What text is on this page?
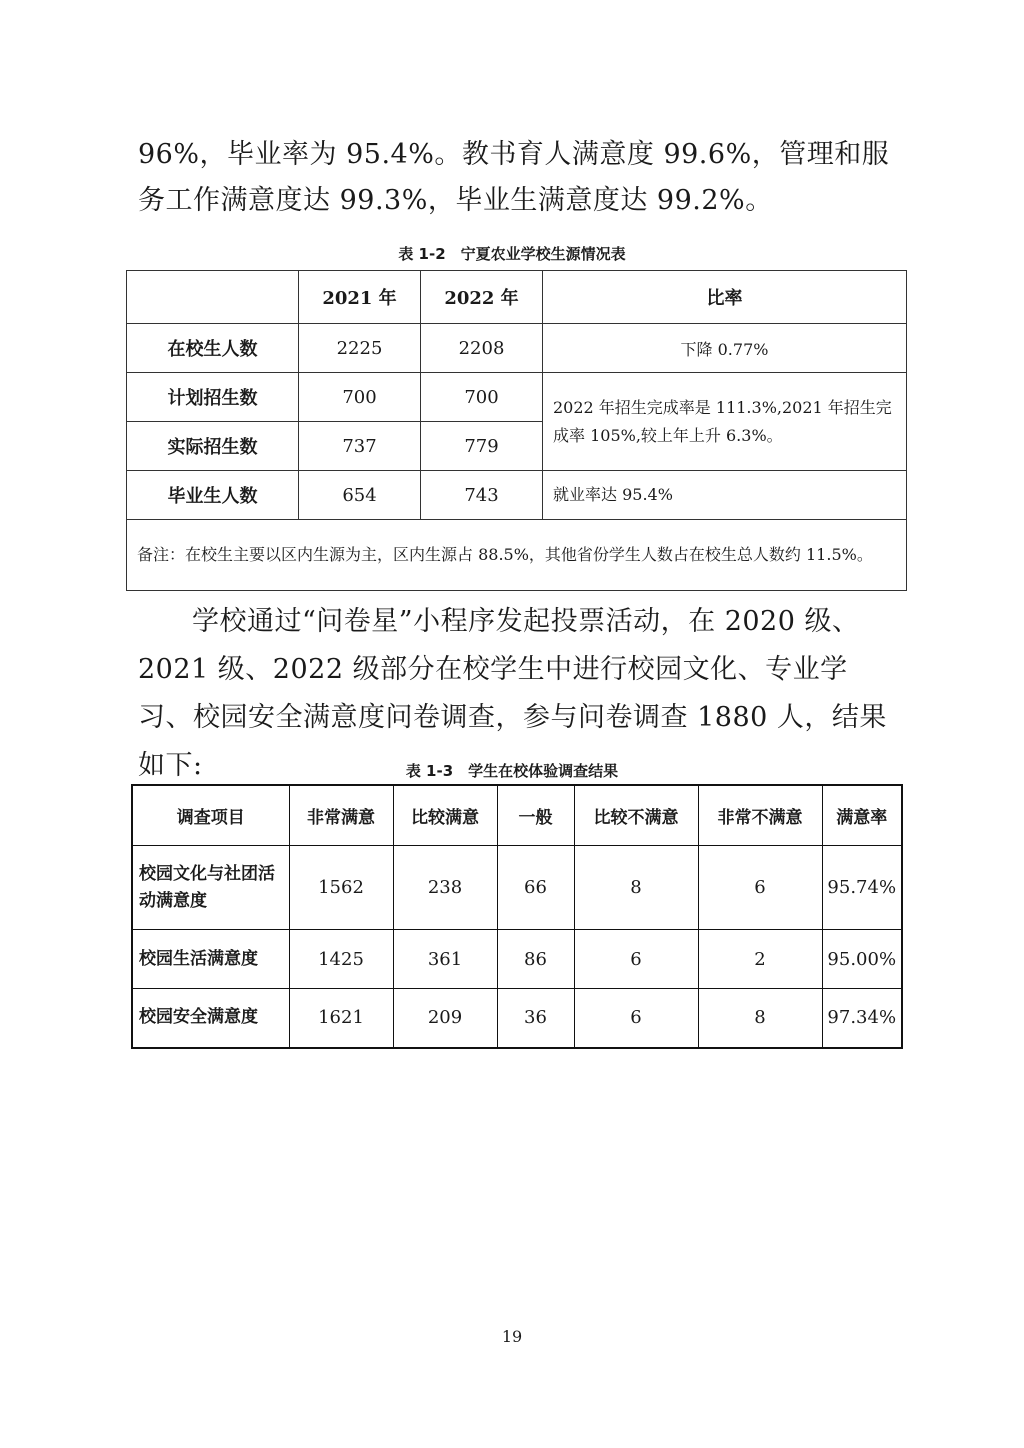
96%，毕业率为 95.4%。教书育人满意度 99.6%，管理和服务工作满意度达 99.3%，毕业生满意度达 99.2%。

表 1-2　宁夏农业学校生源情况表
	2021 年	2022 年	比率
在校生人数	2225	2208	下降 0.77%
计划招生数	700	700	2022 年招生完成率是 111.3%,2021 年招生完成率 105%,较上年上升 6.3%。
实际招生数	737	779	
毕业生人数	654	743	就业率达 95.4%
备注：在校生主要以区内生源为主，区内生源占 88.5%，其他省份学生人数占在校生总人数约 11.5%。			

学校通过“问卷星”小程序发起投票活动，在 2020 级、2021 级、2022 级部分在校学生中进行校园文化、专业学习、校园安全满意度问卷调查，参与问卷调查 1880 人，结果如下:	表 1-3　学生在校体验调查结果
调查项目	非常满意	比较满意	一般	比较不满意	非常不满意	满意率
校园文化与社团活动满意度	1562	238	66	8	6	95.74%
校园生活满意度	1425	361	86	6	2	95.00%
校园安全满意度	1621	209	36	6	8	97.34%
19
